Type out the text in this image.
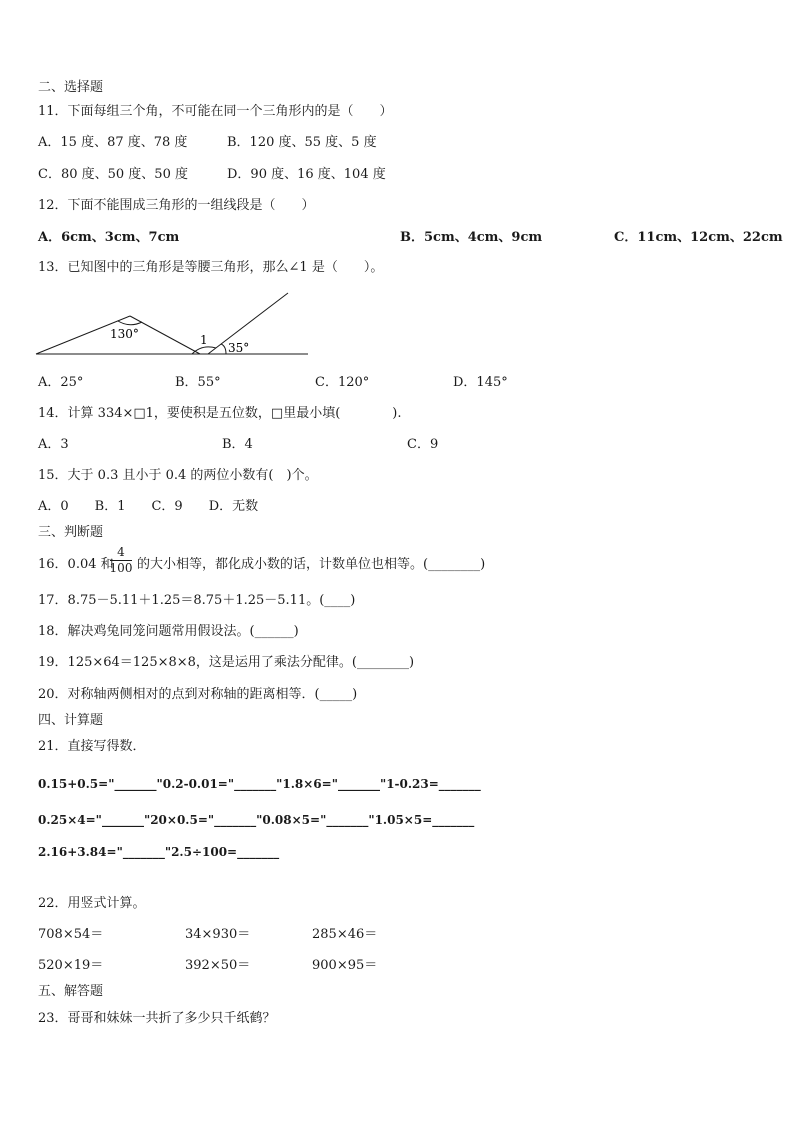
二、选择题
11．下面每组三个角，不可能在同一个三角形内的是（　　）
A．15 度、87 度、78 度	B．120 度、55 度、5 度
C．80 度、50 度、50 度	D．90 度、16 度、104 度
12．下面不能围成三角形的一组线段是（　　）
A．6cm、3cm、7cm	B．5cm、4cm、9cm	C．11cm、12cm、22cm
13．已知图中的三角形是等腰三角形，那么∠1 是（　　）。
130°	1
35°
A．25°	B．55°	C．120°	D．145°
14．计算 334×□1，要使积是五位数，□里最小填(　　　　).
A．3	B．4	C．9
15．大于 0.3 且小于 0.4 的两位小数有(　)个。
A．0　　B．1　　C．9　　D．无数
三、判断题
16．0.04 和
4
100 的大小相等，都化成小数的话，计数单位也相等。(________)
17．8.75－5.11＋1.25＝8.75＋1.25－5.11。(____)
18．解决鸡兔同笼问题常用假设法。(______)
19．125×64＝125×8×8，这是运用了乘法分配律。(________)
20．对称轴两侧相对的点到对称轴的距离相等．(_____)
四、计算题
21．直接写得数．
0.15+0.5="_______"0.2-0.01="_______"1.8×6="_______"1-0.23=_______
0.25×4="_______"20×0.5="_______"0.08×5="_______"1.05×5=_______
2.16+3.84="_______"2.5÷100=_______
22．用竖式计算。
708×54＝	34×930＝	285×46＝
520×19＝	392×50＝	900×95＝
五、解答题
23．哥哥和妹妹一共折了多少只千纸鹤？
